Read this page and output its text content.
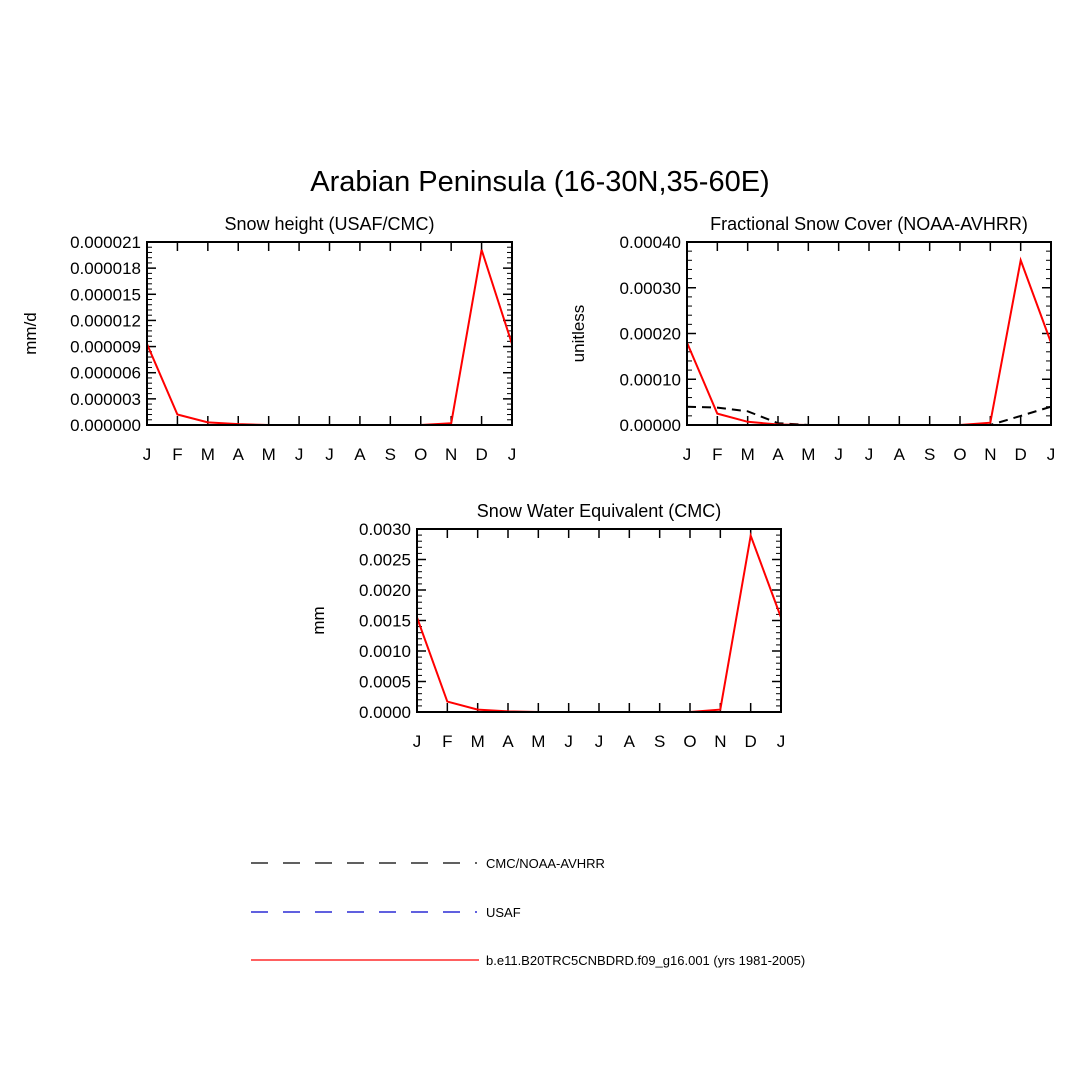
Arabian Peninsula (16-30N,35-60E)
Snow height (USAF/CMC)
mm/d
J F M A M J J A S O N D J
0.000000
0.000003
0.000006
0.000009
0.000012
0.000015
0.000018
0.000021
Fractional Snow Cover (NOAA-AVHRR)
unitless
J F M A M J J A S O N D J
0.00000
0.00010
0.00020
0.00030
0.00040
Snow Water Equivalent (CMC)
mm
J F M A M J J A S O N D J
0.0000
0.0005
0.0010
0.0015
0.0020
0.0025
0.0030
CMC/NOAA-AVHRR
USAF
b.e11.B20TRC5CNBDRD.f09_g16.001 (yrs 1981-2005)
